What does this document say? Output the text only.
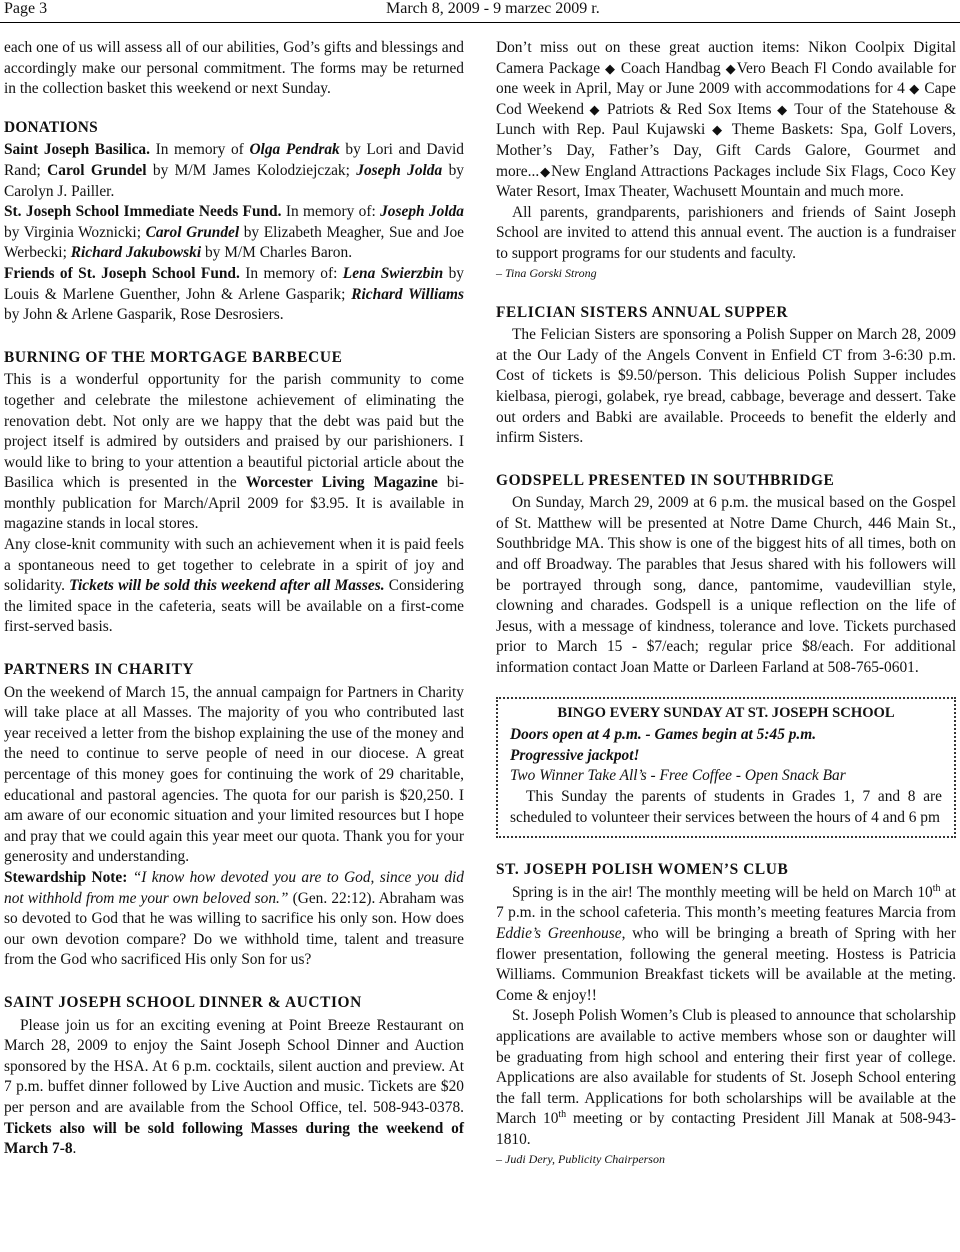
Page 3	March 8, 2009 - 9 marzec 2009 r.

each one of us will assess all of our abilities, God’s gifts and blessings and accordingly make our personal commitment. The forms may be returned in the collection basket this weekend or next Sunday.

DONATIONS

Saint Joseph Basilica. In memory of Olga Pendrak by Lori and David Rand; Carol Grundel by M/M James Kolodziejczak; Joseph Jolda by Carolyn J. Pailler.

St. Joseph School Immediate Needs Fund. In memory of: Joseph Jolda by Virginia Woznicki; Carol Grundel by Elizabeth Meagher, Sue and Joe Werbecki; Richard Jakubowski by M/M Charles Baron.

Friends of St. Joseph School Fund. In memory of: Lena Swierzbin by Louis & Marlene Guenther, John & Arlene Gasparik; Richard Williams by John & Arlene Gasparik, Rose Desrosiers.

BURNING OF THE MORTGAGE BARBECUE

This is a wonderful opportunity for the parish community to come together and celebrate the milestone achievement of eliminating the renovation debt. Not only are we happy that the debt was paid but the project itself is admired by outsiders and praised by our parishioners. I would like to bring to your attention a beautiful pictorial article about the Basilica which is presented in the Worcester Living Magazine bi-monthly publication for March/April 2009 for $3.95. It is available in magazine stands in local stores.

Any close-knit community with such an achievement when it is paid feels a spontaneous need to get together to celebrate in a spirit of joy and solidarity. Tickets will be sold this weekend after all Masses. Considering the limited space in the cafeteria, seats will be available on a first-come first-served basis.

PARTNERS IN CHARITY

On the weekend of March 15, the annual campaign for Partners in Charity will take place at all Masses. The majority of you who contributed last year received a letter from the bishop explaining the use of the money and the need to continue to serve people of need in our diocese. A great percentage of this money goes for continuing the work of 29 charitable, educational and pastoral agencies. The quota for our parish is $20,250. I am aware of our economic situation and your limited resources but I hope and pray that we could again this year meet our quota. Thank you for your generosity and understanding.

Stewardship Note: “I know how devoted you are to God, since you did not withhold from me your own beloved son.” (Gen. 22:12). Abraham was so devoted to God that he was willing to sacrifice his only son. How does our own devotion compare? Do we withhold time, talent and treasure from the God who sacrificed His only Son for us?

SAINT JOSEPH SCHOOL DINNER & AUCTION

Please join us for an exciting evening at Point Breeze Restaurant on March 28, 2009 to enjoy the Saint Joseph School Dinner and Auction sponsored by the HSA. At 6 p.m. cocktails, silent auction and preview. At 7 p.m. buffet dinner followed by Live Auction and music. Tickets are $20 per person and are available from the School Office, tel. 508-943-0378. Tickets also will be sold following Masses during the weekend of March 7-8.

Don’t miss out on these great auction items: Nikon Coolpix Digital Camera Package ◆ Coach Handbag ◆Vero Beach Fl Condo available for one week in April, May or June 2009 with accommodations for 4 ◆ Cape Cod Weekend ◆ Patriots & Red Sox Items ◆ Tour of the Statehouse & Lunch with Rep. Paul Kujawski ◆ Theme Baskets: Spa, Golf Lovers, Mother’s Day, Father’s Day, Gift Cards Galore, Gourmet and more...◆New England Attractions Packages include Six Flags, Coco Key Water Resort, Imax Theater, Wachusett Mountain and much more.

All parents, grandparents, parishioners and friends of Saint Joseph School are invited to attend this annual event. The auction is a fundraiser to support programs for our students and faculty.

– Tina Gorski Strong

FELICIAN SISTERS ANNUAL SUPPER

The Felician Sisters are sponsoring a Polish Supper on March 28, 2009 at the Our Lady of the Angels Convent in Enfield CT from 3-6:30 p.m. Cost of tickets is $9.50/person. This delicious Polish Supper includes kielbasa, pierogi, golabek, rye bread, cabbage, beverage and dessert. Take out orders and Babki are available. Proceeds to benefit the elderly and infirm Sisters.

GODSPELL PRESENTED IN SOUTHBRIDGE

On Sunday, March 29, 2009 at 6 p.m. the musical based on the Gospel of St. Matthew will be presented at Notre Dame Church, 446 Main St., Southbridge MA. This show is one of the biggest hits of all times, both on and off Broadway. The parables that Jesus shared with his followers will be portrayed through song, dance, pantomime, vaudevillian style, clowning and charades. Godspell is a unique reflection on the life of Jesus, with a message of kindness, tolerance and love. Tickets purchased prior to March 15 - $7/each; regular price $8/each. For additional information contact Joan Matte or Darleen Farland at 508-765-0601.

BINGO EVERY SUNDAY AT ST. JOSEPH SCHOOL
Doors open at 4 p.m. - Games begin at 5:45 p.m.
Progressive jackpot!
Two Winner Take All’s - Free Coffee - Open Snack Bar

This Sunday the parents of students in Grades 1, 7 and 8 are scheduled to volunteer their services between the hours of 4 and 6 pm

ST. JOSEPH POLISH WOMEN’S CLUB

Spring is in the air! The monthly meeting will be held on March 10th at 7 p.m. in the school cafeteria. This month’s meeting features Marcia from Eddie’s Greenhouse, who will be bringing a breath of Spring with her flower presentation, following the general meeting. Hostess is Patricia Williams. Communion Breakfast tickets will be available at the meting. Come & enjoy!!

St. Joseph Polish Women’s Club is pleased to announce that scholarship applications are available to active members whose son or daughter will be graduating from high school and entering their first year of college. Applications are also available for students of St. Joseph School entering the fall term. Applications for both scholarships will be available at the March 10th meeting or by contacting President Jill Manak at 508-943-1810.

– Judi Dery, Publicity Chairperson
